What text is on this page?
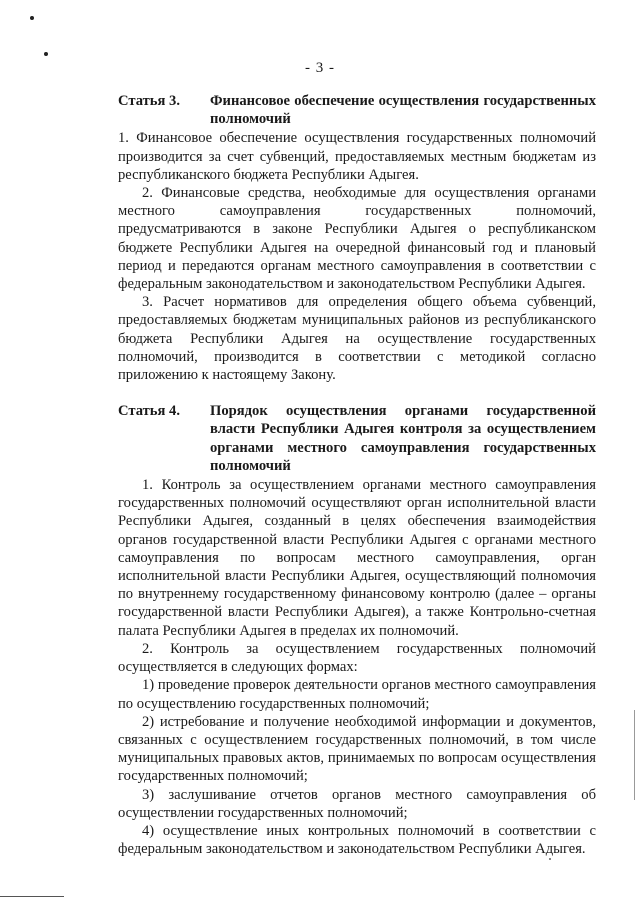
- 3 -
Статья 3.	Финансовое обеспечение осуществления государственных полномочий

1. Финансовое обеспечение осуществления государственных полномочий производится за счет субвенций, предоставляемых местным бюджетам из республиканского бюджета Республики Адыгея.

2. Финансовые средства, необходимые для осуществления органами местного самоуправления государственных полномочий, предусматриваются в законе Республики Адыгея о республиканском бюджете Республики Адыгея на очередной финансовый год и плановый период и передаются органам местного самоуправления в соответствии с федеральным законодательством и законодательством Республики Адыгея.

3. Расчет нормативов для определения общего объема субвенций, предоставляемых бюджетам муниципальных районов из республиканского бюджета Республики Адыгея на осуществление государственных полномочий, производится в соответствии с методикой согласно приложению к настоящему Закону.

Статья 4.	Порядок осуществления органами государственной власти Республики Адыгея контроля за осуществлением органами местного самоуправления государственных полномочий

1. Контроль за осуществлением органами местного самоуправления государственных полномочий осуществляют орган исполнительной власти Республики Адыгея, созданный в целях обеспечения взаимодействия органов государственной власти Республики Адыгея с органами местного самоуправления по вопросам местного самоуправления, орган исполнительной власти Республики Адыгея, осуществляющий полномочия по внутреннему государственному финансовому контролю (далее – органы государственной власти Республики Адыгея), а также Контрольно-счетная палата Республики Адыгея в пределах их полномочий.

2. Контроль за осуществлением государственных полномочий осуществляется в следующих формах:

1) проведение проверок деятельности органов местного самоуправления по осуществлению государственных полномочий;

2) истребование и получение необходимой информации и документов, связанных с осуществлением государственных полномочий, в том числе муниципальных правовых актов, принимаемых по вопросам осуществления государственных полномочий;

3) заслушивание отчетов органов местного самоуправления об осуществлении государственных полномочий;

4) осуществление иных контрольных полномочий в соответствии с федеральным законодательством и законодательством Республики Адыгея.
